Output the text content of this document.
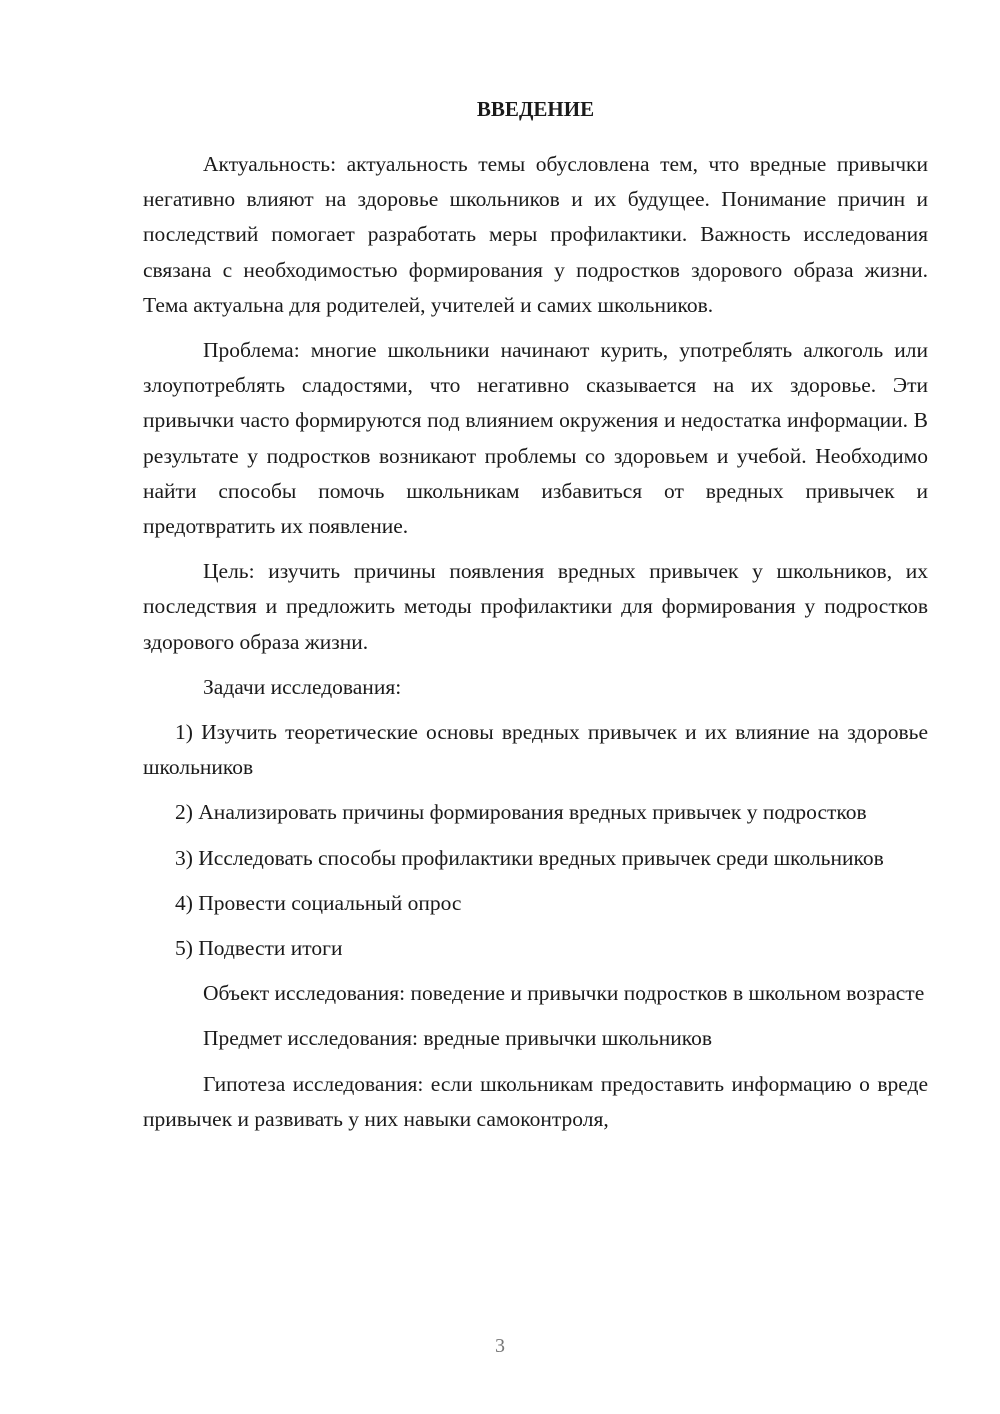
ВВЕДЕНИЕ

Актуальность: актуальность темы обусловлена тем, что вредные привычки негативно влияют на здоровье школьников и их будущее. Понимание причин и последствий помогает разработать меры профилактики. Важность исследования связана с необходимостью формирования у подростков здорового образа жизни. Тема актуальна для родителей, учителей и самих школьников.

Проблема: многие школьники начинают курить, употреблять алкоголь или злоупотреблять сладостями, что негативно сказывается на их здоровье. Эти привычки часто формируются под влиянием окружения и недостатка информации. В результате у подростков возникают проблемы со здоровьем и учебой. Необходимо найти способы помочь школьникам избавиться от вредных привычек и предотвратить их появление.

Цель: изучить причины появления вредных привычек у школьников, их последствия и предложить методы профилактики для формирования у подростков здорового образа жизни.

Задачи исследования:

1) Изучить теоретические основы вредных привычек и их влияние на здоровье школьников

2) Анализировать причины формирования вредных привычек у подростков

3) Исследовать способы профилактики вредных привычек среди школьников

4) Провести социальный опрос

5) Подвести итоги

Объект исследования: поведение и привычки подростков в школьном возрасте

Предмет исследования: вредные привычки школьников

Гипотеза исследования: если школьникам предоставить информацию о вреде привычек и развивать у них навыки самоконтроля,

3
